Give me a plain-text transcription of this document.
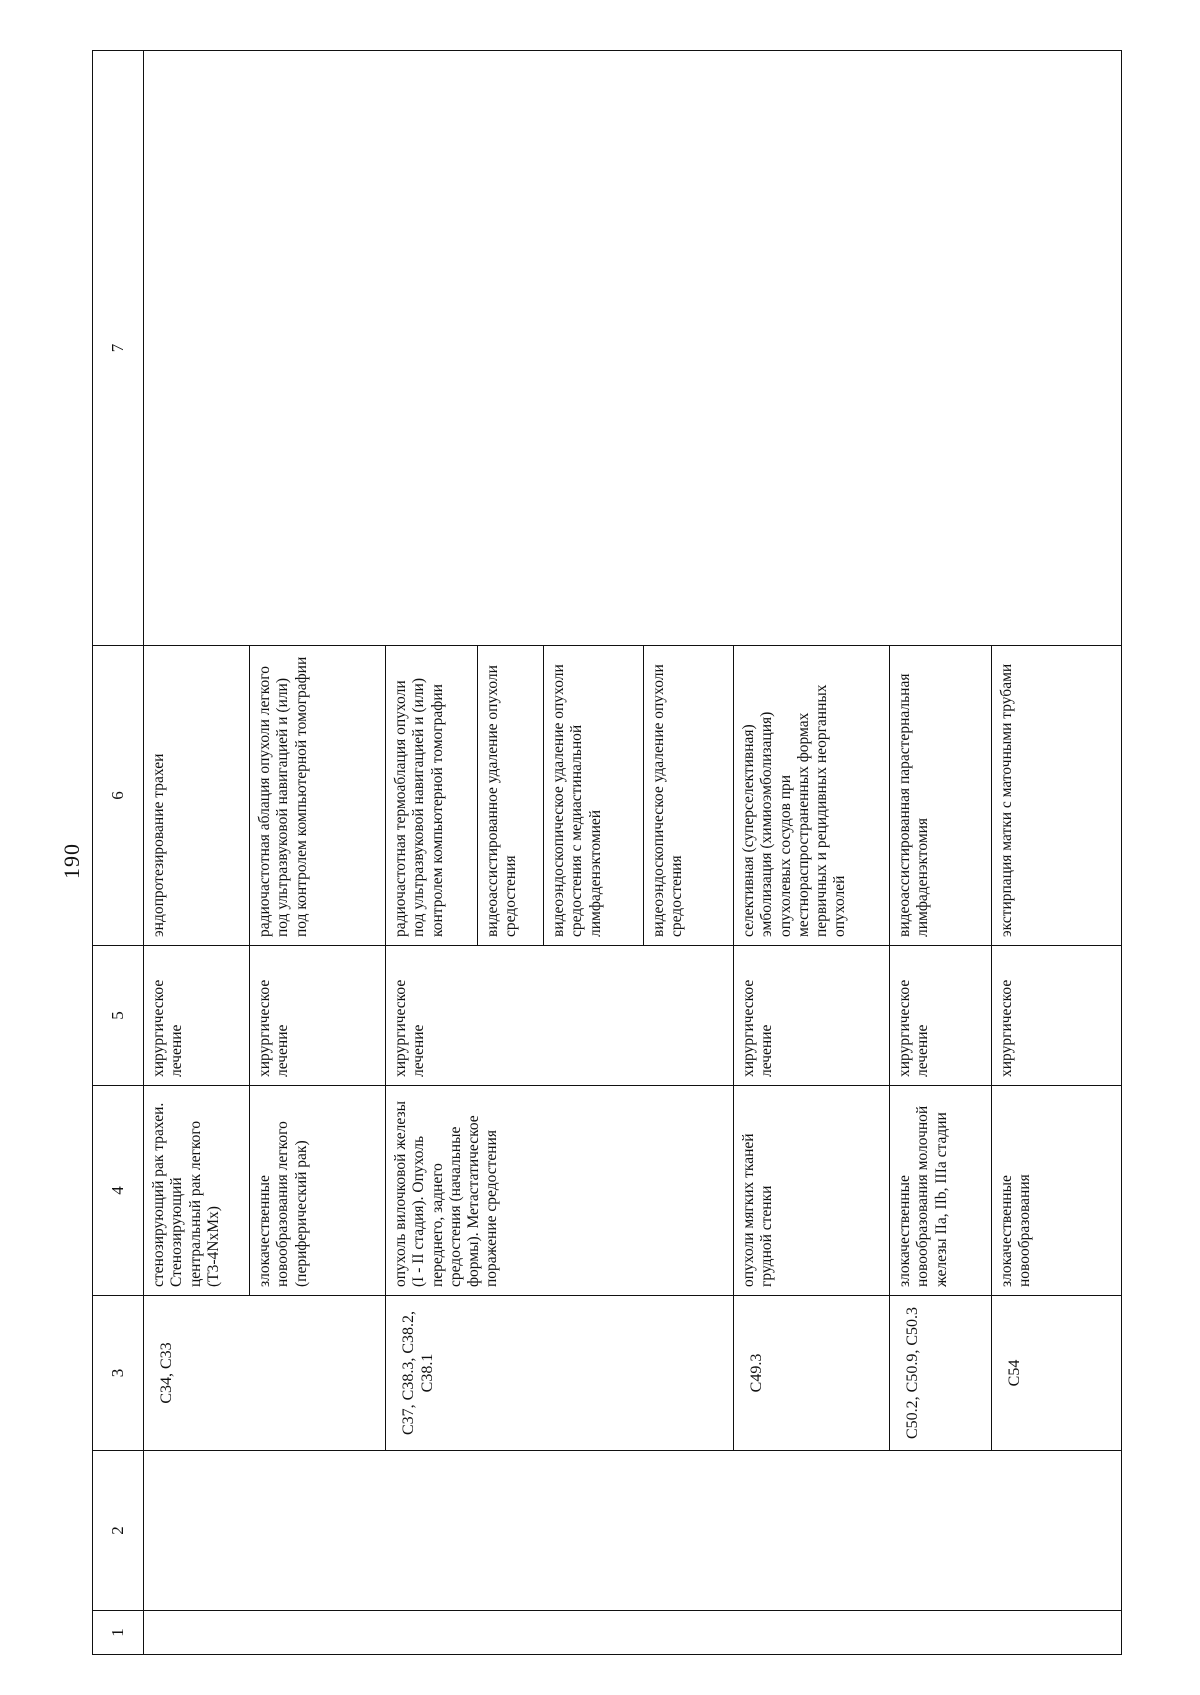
190
1	2	3	4	5	6	7
		C34, C33	стенозирующий рак трахеи. Стенозирующий центральный рак легкого (T3-4NxMx)	хирургическое лечение	эндопротезирование трахеи	
			злокачественные новообразования легкого (периферический рак)	хирургическое лечение	радиочастотная аблация опухоли легкого под ультразвуковой навигацией и (или) под контролем компьютерной томографии	
		C37, C38.3, C38.2, C38.1	опухоль вилочковой железы (I - II стадия). Опухоль переднего, заднего средостения (начальные формы). Метастатическое поражение средостения	хирургическое лечение	радиочастотная термоаблация опухоли под ультразвуковой навигацией и (или) контролем компьютерной томографии	
					видеоассистированное удаление опухоли средостения	
					видеоэндоскопическое удаление опухоли средостения с медиастинальной лимфаденэктомией	
					видеоэндоскопическое удаление опухоли средостения	
		C49.3	опухоли мягких тканей грудной стенки	хирургическое лечение	селективная (суперселективная) эмболизация (химиоэмболизация) опухолевых сосудов при местнораспространенных формах первичных и рецидивных неорганных опухолей	
		C50.2, C50.9, C50.3	злокачественные новообразования молочной железы IIa, IIb, IIIa стадии	хирургическое лечение	видеоассистированная парастернальная лимфаденэктомия	
		C54	злокачественные новообразования	хирургическое	экстирпация матки с маточными трубами	
